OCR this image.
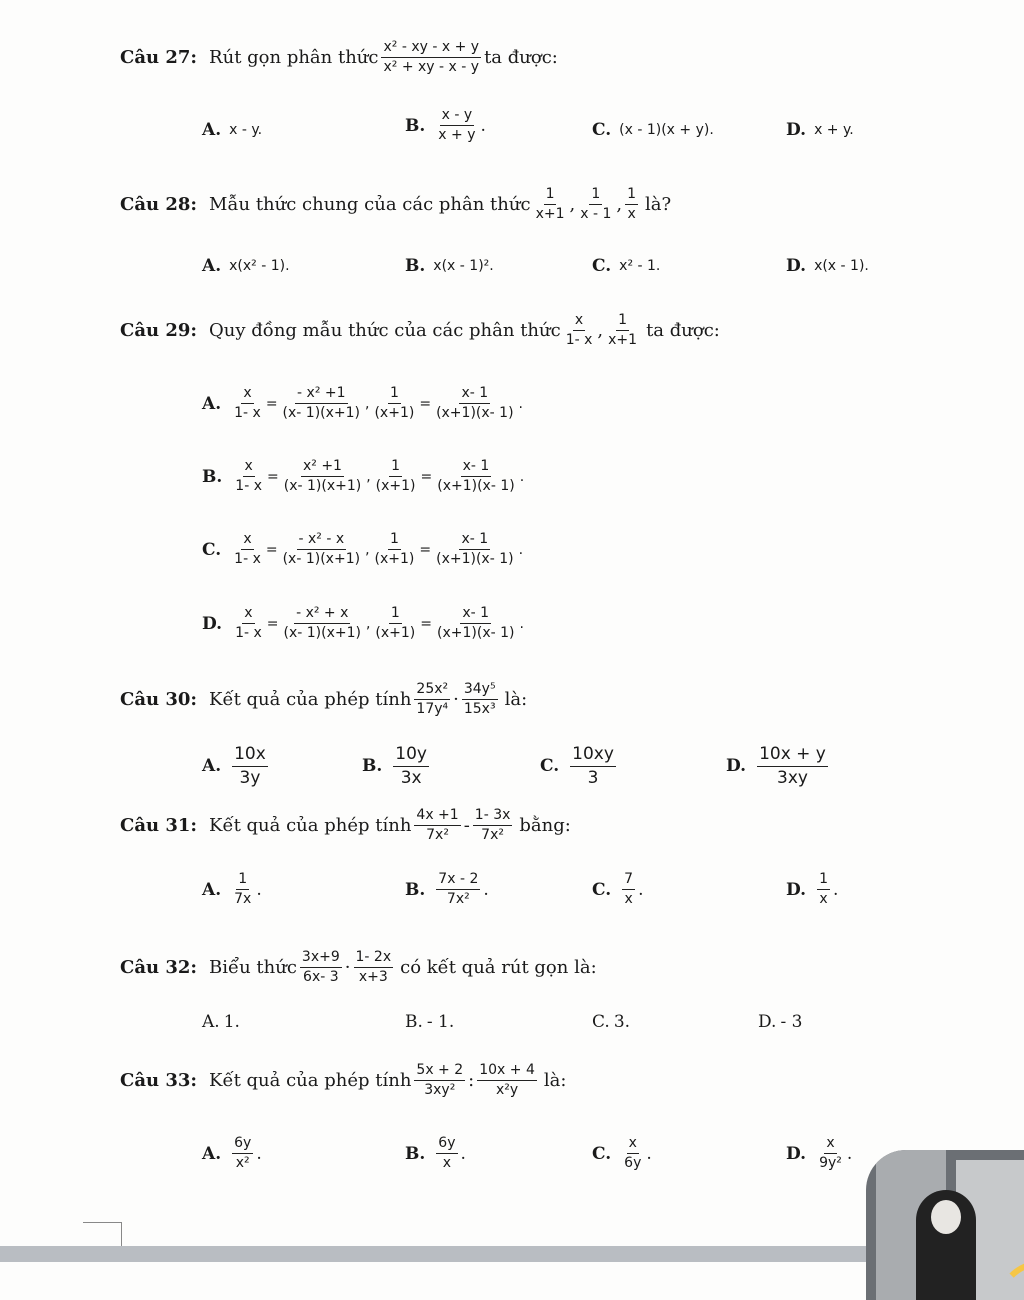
Câu 27: Rút gọn phân thức $\frac{\text{x² - xy - x + y}}{\text{x² + xy - x - y}}$ ta được:
A. x - y.	B. $\frac{x - y}{x + y}$ .	C. (x - 1)(x + y).	D. x + y.
Câu 28: Mẫu thức chung của các phân thức $\frac{1}{x+1}$ , $\frac{1}{x - 1}$ , $\frac{1}{x}$ là?
A. x(x² - 1).	B. x(x - 1)².	C. x² - 1.	D. x(x - 1).
Câu 29: Quy đồng mẫu thức của các phân thức $\frac{x}{1- x}$ , $\frac{1}{x+1}$ ta được:
A. $\frac{x}{1- x} = \frac{\text{- x² +1}}{(x- 1)(x+1)}$ , $\frac{1}{(x+1)} = \frac{x- 1}{(x+1)(x- 1)}$ .
B. $\frac{x}{1- x} = \frac{\text{x² +1}}{(x- 1)(x+1)}$ , $\frac{1}{(x+1)} = \frac{x- 1}{(x+1)(x- 1)}$ .
C. $\frac{x}{1- x} = \frac{\text{- x² - x}}{(x- 1)(x+1)}$ , $\frac{1}{(x+1)} = \frac{x- 1}{(x+1)(x- 1)}$ .
D. $\frac{x}{1- x} = \frac{\text{- x² + x}}{(x- 1)(x+1)}$ , $\frac{1}{(x+1)} = \frac{x- 1}{(x+1)(x- 1)}$ .
Câu 30: Kết quả của phép tính $\frac{\text{25x²}}{\text{17y⁴}} \cdot \frac{\text{34y⁵}}{\text{15x³}}$ là:
A. $\frac{10x}{3y}$	B. $\frac{10y}{3x}$	C. $\frac{10xy}{3}$	D. $\frac{10x + y}{3xy}$
Câu 31: Kết quả của phép tính $\frac{4x +1}{\text{7x²}} - \frac{1- 3x}{\text{7x²}}$ bằng:
A. $\frac{1}{7x}$ .	B. $\frac{7x - 2}{\text{7x²}}$ .	C. $\frac{7}{x}$ .	D. $\frac{1}{x}$ .
Câu 32: Biểu thức $\frac{3x+9}{6x- 3} \cdot \frac{1- 2x}{x+3}$ có kết quả rút gọn là:
A. 1.	B. - 1.	C. 3.	D. - 3
Câu 33: Kết quả của phép tính $\frac{5x + 2}{\text{3xy²}}$ : $\frac{10x + 4}{\text{x²y}}$ là:
A. $\frac{6y}{\text{x²}}$ .	B. $\frac{6y}{x}$ .	C. $\frac{x}{6y}$ .	D. $\frac{x}{\text{9y²}}$ .
